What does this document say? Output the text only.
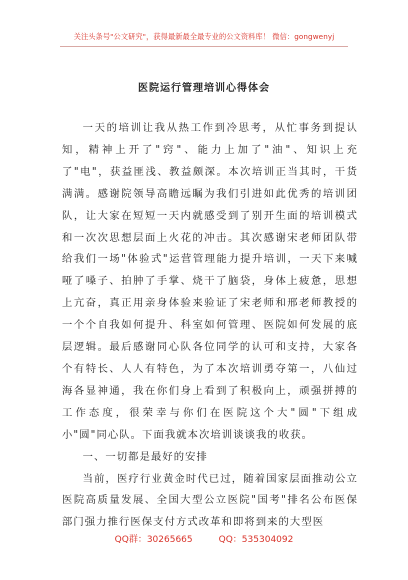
关注头条号"公文研究"，获得最新最全最专业的公文资料库！ 微信：gongwenyj
医院运行管理培训心得体会

一天的培训让我从热工作到冷思考，从忙事务到提认知，精神上开了"窍"、能力上加了"油"、知识上充了"电"，获益匪浅、教益颇深。本次培训正当其时，干货满满。感谢院领导高瞻远瞩为我们引进如此优秀的培训团队，让大家在短短一天内就感受到了别开生面的培训模式和一次次思想层面上火花的冲击。其次感谢宋老师团队带给我们一场"体验式"运营管理能力提升培训，一天下来喊哑了嗓子、拍肿了手掌、烧干了脑袋，身体上疲惫，思想上亢奋，真正用亲身体验来验证了宋老师和邢老师教授的一个个自我如何提升、科室如何管理、医院如何发展的底层逻辑。最后感谢同心队各位同学的认可和支持，大家各个有特长、人人有特色，为了本次培训勇夺第一，八仙过海各显神通，我在你们身上看到了积极向上，顽强拼搏的工作态度，很荣幸与你们在医院这个大"圆"下组成小"圆"同心队。下面我就本次培训谈谈我的收获。

一、一切都是最好的安排

当前，医疗行业黄金时代已过，随着国家层面推动公立医院高质量发展、全国大型公立医院"国考"排名公布医保部门强力推行医保支付方式改革和即将到来的大型医

QQ群：30265665	QQ：535304092
